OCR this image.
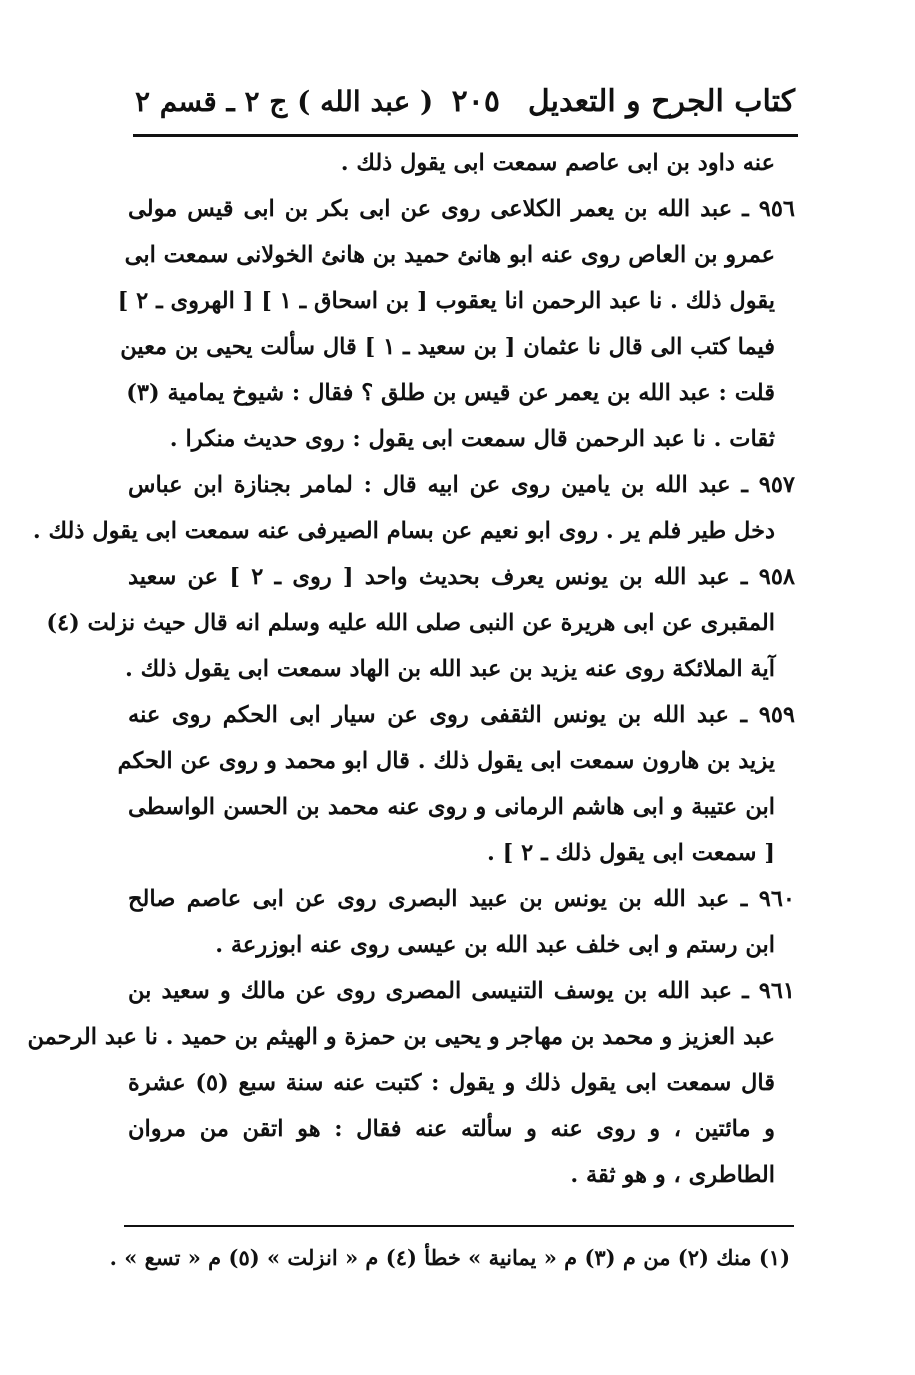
كتاب الجرح و التعديل
٢٠٥
( عبد الله ) ج ٢ ـ قسم ٢
عنه داود بن ابى عاصم سمعت ابى يقول ذلك .
٩٥٦ ـ عبد الله بن يعمر الكلاعى روى عن ابى بكر بن ابى قيس مولى
عمرو بن العاص روى عنه ابو هانئ حميد بن هانئ الخولانى سمعت ابى
يقول ذلك . نا عبد الرحمن انا يعقوب [ بن اسحاق ـ ١ ] [ الهروى ـ ٢ ]
فيما كتب الى قال نا عثمان [ بن سعيد ـ ١ ] قال سألت يحيى بن معين
قلت : عبد الله بن يعمر عن قيس بن طلق ؟ فقال : شيوخ يمامية (٣)
ثقات . نا عبد الرحمن قال سمعت ابى يقول : روى حديث منكرا .
٩٥٧ ـ عبد الله بن يامين روى عن ابيه قال : لمامر بجنازة ابن عباس
دخل طير فلم ير . روى ابو نعيم عن بسام الصيرفى عنه سمعت ابى يقول ذلك .
٩٥٨ ـ عبد الله بن يونس يعرف بحديث واحد [ روى ـ ٢ ] عن سعيد
المقبرى عن ابى هريرة عن النبى صلى الله عليه وسلم انه قال حيث نزلت (٤)
آية الملائكة روى عنه يزيد بن عبد الله بن الهاد سمعت ابى يقول ذلك .
٩٥٩ ـ عبد الله بن يونس الثقفى روى عن سيار ابى الحكم روى عنه
يزيد بن هارون سمعت ابى يقول ذلك . قال ابو محمد و روى عن الحكم
ابن عتيبة و ابى هاشم الرمانى و روى عنه محمد بن الحسن الواسطى
[ سمعت ابى يقول ذلك ـ ٢ ] .
٩٦٠ ـ عبد الله بن يونس بن عبيد البصرى روى عن ابى عاصم صالح
ابن رستم و ابى خلف عبد الله بن عيسى روى عنه ابوزرعة .
٩٦١ ـ عبد الله بن يوسف التنيسى المصرى روى عن مالك و سعيد بن
عبد العزيز و محمد بن مهاجر و يحيى بن حمزة و الهيثم بن حميد . نا عبد الرحمن
قال سمعت ابى يقول ذلك و يقول : كتبت عنه سنة سبع (٥) عشرة
و مائتين ، و روى عنه و سألته عنه فقال : هو اتقن من مروان
الطاطرى ، و هو ثقة .
(١) منك (٢) من م (٣) م « يمانية » خطأ (٤) م « انزلت » (٥) م « تسع » .
